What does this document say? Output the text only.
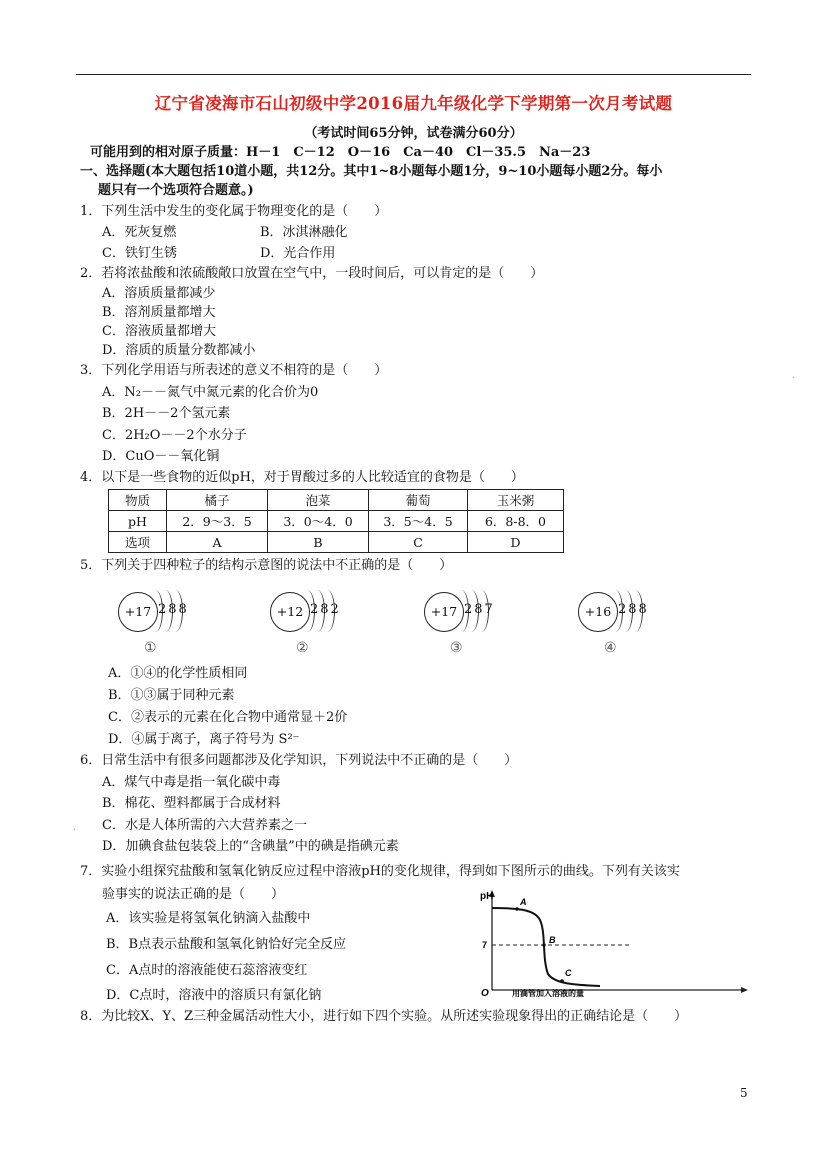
辽宁省凌海市石山初级中学2016届九年级化学下学期第一次月考试题
（考试时间65分钟，试卷满分60分）
可能用到的相对原子质量：H－1　C－12　O－16　Ca－40　Cl－35.5　Na－23
一、选择题(本大题包括10道小题，共12分。其中1~8小题每小题1分，9~10小题每小题2分。每小
题只有一个选项符合题意。)
1．下列生活中发生的变化属于物理变化的是（　　）
A．死灰复燃	B．冰淇淋融化
C．铁钉生锈	D．光合作用
2．若将浓盐酸和浓硫酸敞口放置在空气中，一段时间后，可以肯定的是（　　）
A．溶质质量都减少
B．溶剂质量都增大
C．溶液质量都增大
D．溶质的质量分数都减小
3．下列化学用语与所表述的意义不相符的是（　　）
A．N₂－－氮气中氮元素的化合价为0
B．2H－－2个氢元素
C．2H₂O－－2个水分子
D．CuO－－氧化铜
.
4．以下是一些食物的近似pH，对于胃酸过多的人比较适宜的食物是（　　）
物质	橘子	泡菜	葡萄	玉米粥
pH	2．9～3．5	3．0～4．0	3．5～4．5	6．8-8．0
选项	A	B	C	D
5．下列关于四种粒子的结构示意图的说法中不正确的是（　　）
+17 288
①
+12 282
②
+17 287
③
+16 288
④
A．①④的化学性质相同
B．①③属于同种元素
C．②表示的元素在化合物中通常显＋2价
D．④属于离子，离子符号为 S²⁻
6．日常生活中有很多问题都涉及化学知识，下列说法中不正确的是（　　）
A．煤气中毒是指一氧化碳中毒
B．棉花、塑料都属于合成材料
C．水是人体所需的六大营养素之一
D．加碘食盐包装袋上的“含碘量”中的碘是指碘元素
.
7．实验小组探究盐酸和氢氧化钠反应过程中溶液pH的变化规律，得到如下图所示的曲线。下列有关该实
验事实的说法正确的是（　　）
A．该实验是将氢氧化钠滴入盐酸中
B．B点表示盐酸和氢氧化钠恰好完全反应
C．A点时的溶液能使石蕊溶液变红
D．C点时，溶液中的溶质只有氯化钠
pH
7
O
A
B
C
用滴管加入溶液的量
8．为比较X、Y、Z三种金属活动性大小，进行如下四个实验。从所述实验现象得出的正确结论是（　　）
5
